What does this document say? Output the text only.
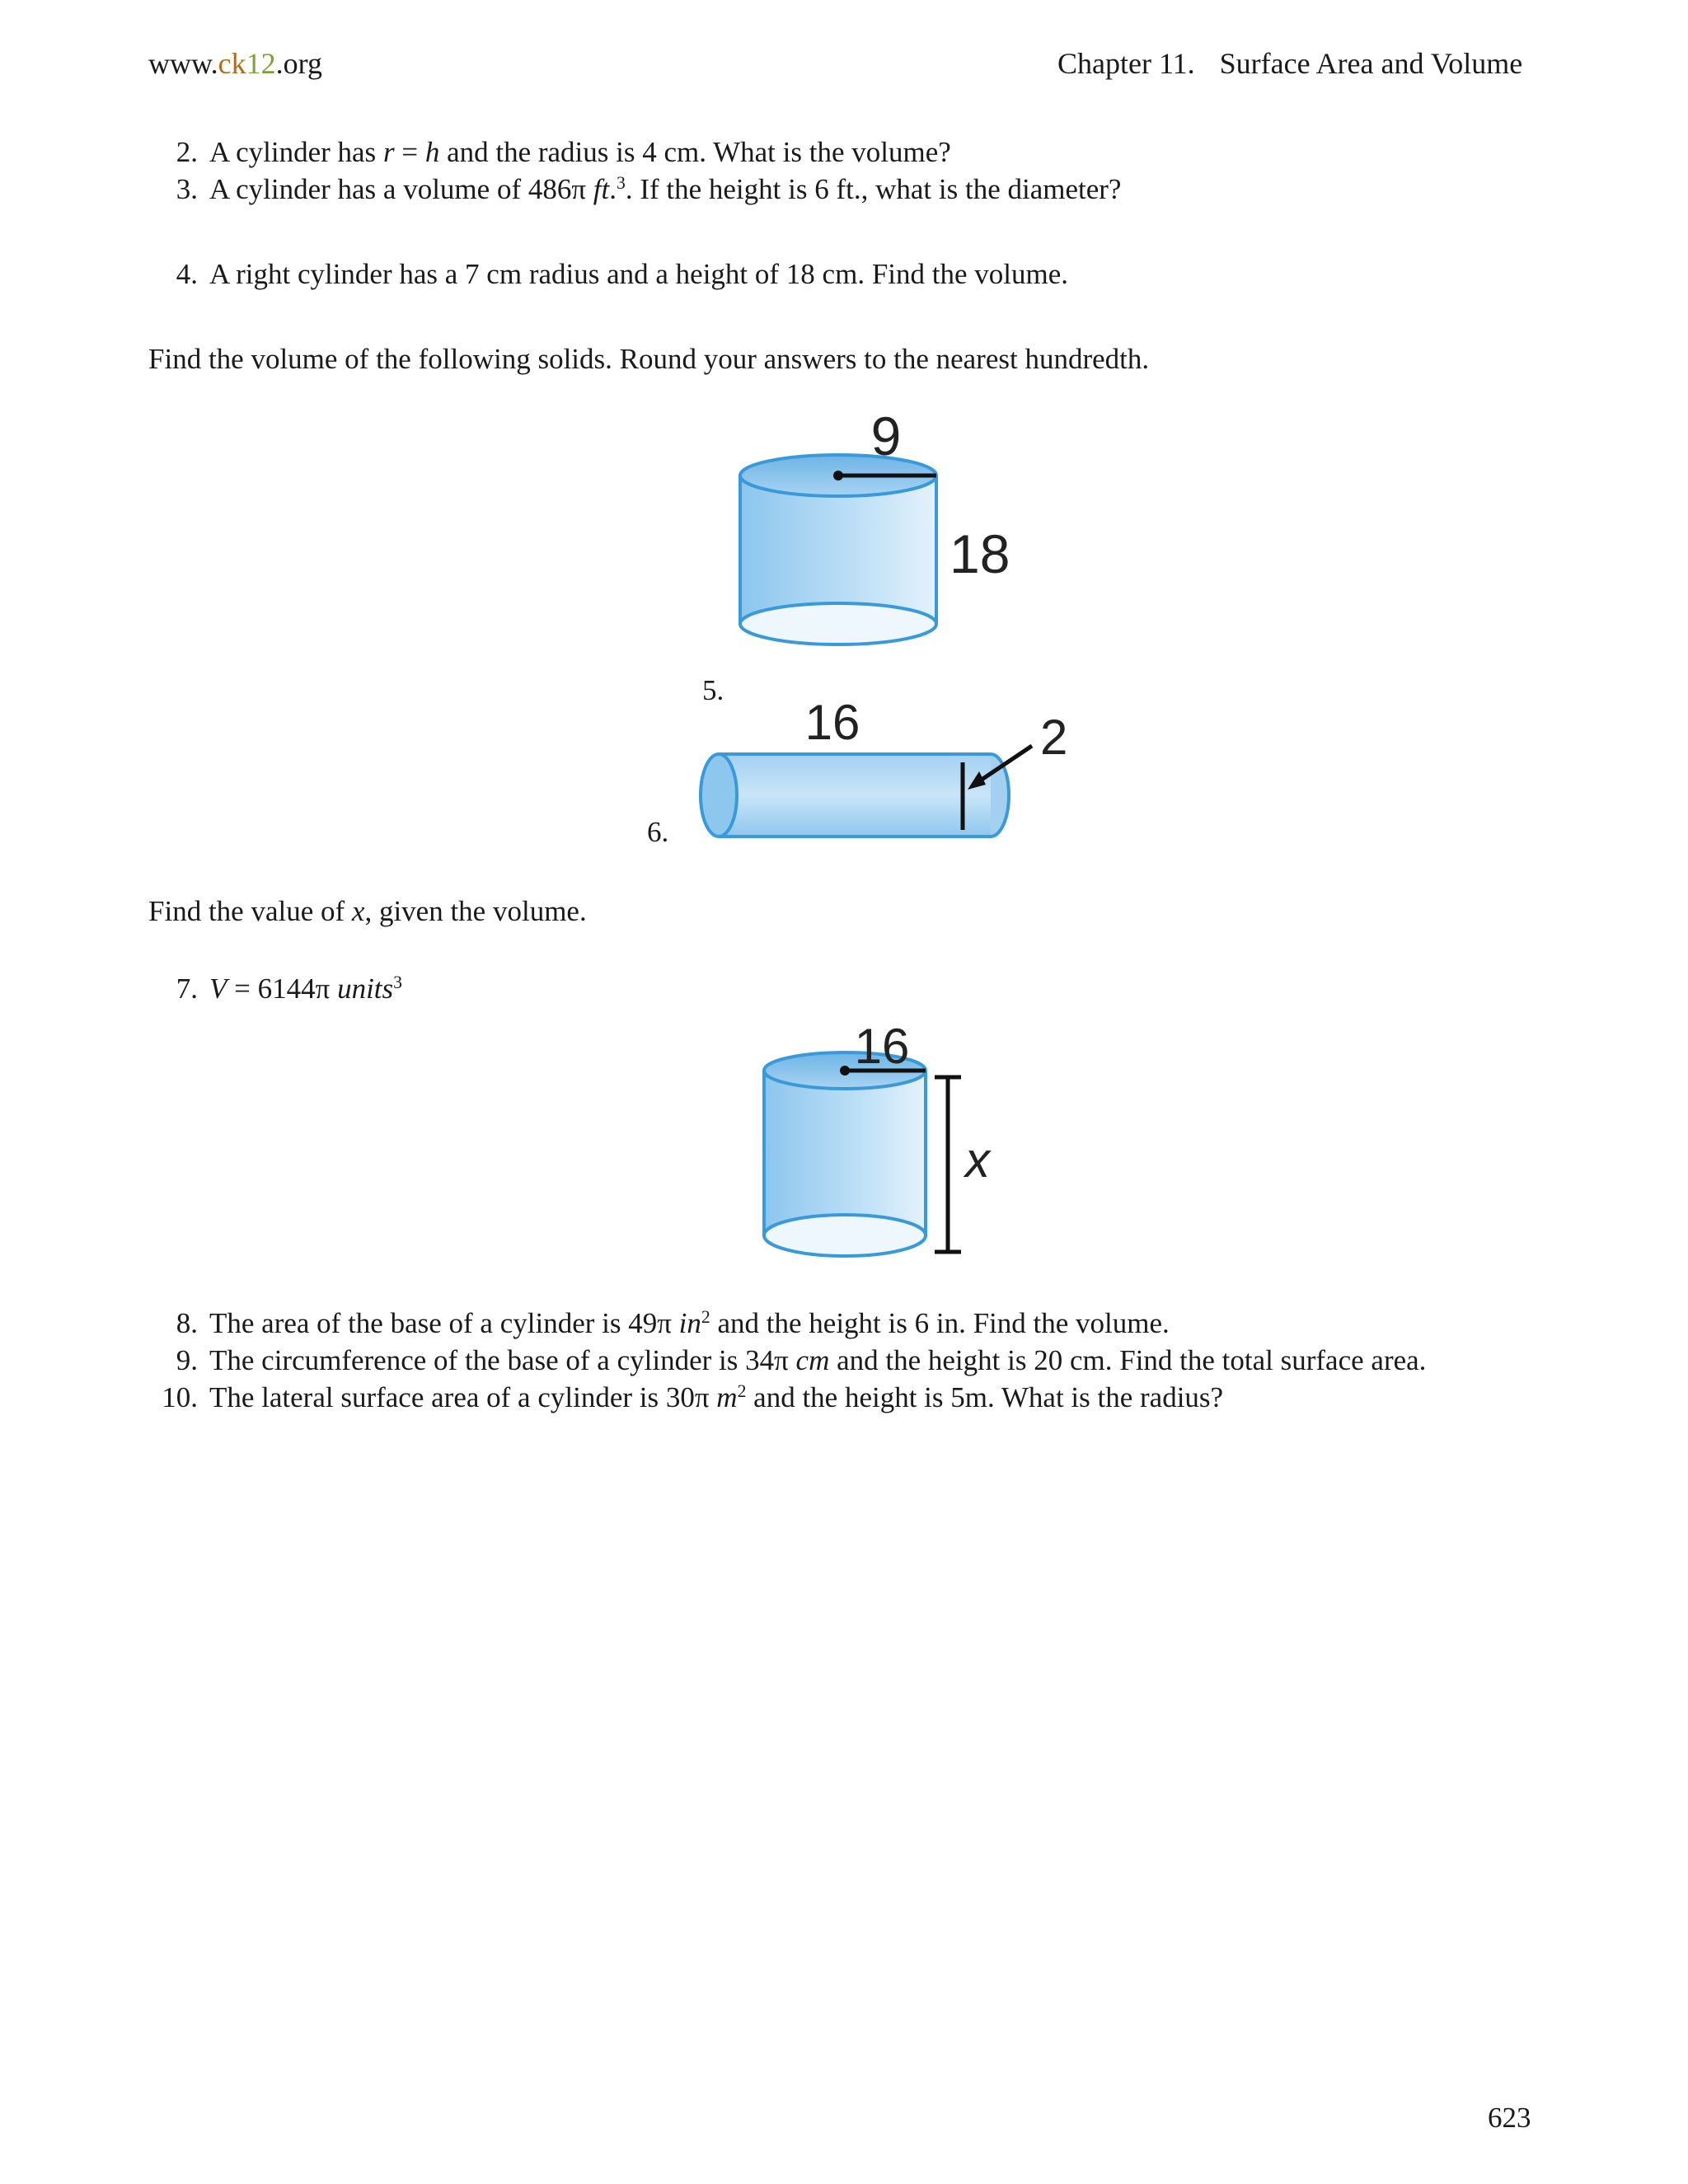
www.ck12.org	Chapter 11. Surface Area and Volume
2. A cylinder has r = h and the radius is 4 cm. What is the volume?
3. A cylinder has a volume of 486π ft.$^3$. If the height is 6 ft., what is the diameter?
4. A right cylinder has a 7 cm radius and a height of 18 cm. Find the volume.
Find the volume of the following solids. Round your answers to the nearest hundredth.
9
18
5.
16	2
6.
Find the value of x, given the volume.
7. V = 6144π units$^3$
16
x
8. The area of the base of a cylinder is 49π $in^2$ and the height is 6 in. Find the volume.
9. The circumference of the base of a cylinder is 34π cm and the height is 20 cm. Find the total surface area.
10. The lateral surface area of a cylinder is 30π $m^2$ and the height is 5m. What is the radius?
623
